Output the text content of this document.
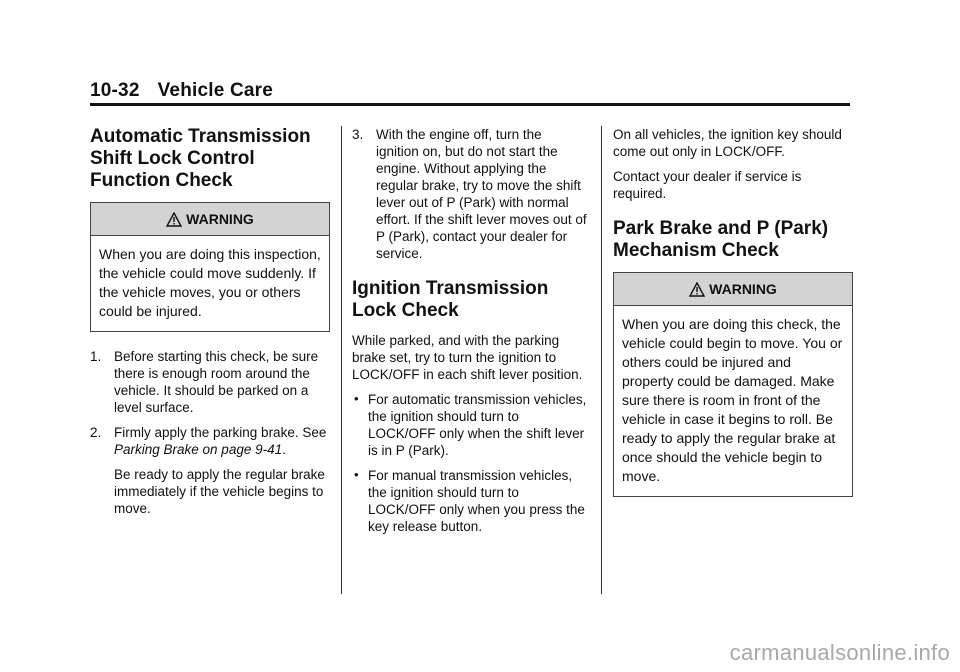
10-32 Vehicle Care
Automatic Transmission Shift Lock Control Function Check
WARNING
When you are doing this inspection, the vehicle could move suddenly. If the vehicle moves, you or others could be injured.
1. Before starting this check, be sure there is enough room around the vehicle. It should be parked on a level surface.
2. Firmly apply the parking brake. See Parking Brake on page 9-41.
Be ready to apply the regular brake immediately if the vehicle begins to move.
3. With the engine off, turn the ignition on, but do not start the engine. Without applying the regular brake, try to move the shift lever out of P (Park) with normal effort. If the shift lever moves out of P (Park), contact your dealer for service.
Ignition Transmission Lock Check

While parked, and with the parking brake set, try to turn the ignition to LOCK/OFF in each shift lever position.

• For automatic transmission vehicles, the ignition should turn to LOCK/OFF only when the shift lever is in P (Park).
• For manual transmission vehicles, the ignition should turn to LOCK/OFF only when you press the key release button.

On all vehicles, the ignition key should come out only in LOCK/OFF.

Contact your dealer if service is required.

Park Brake and P (Park) Mechanism Check
WARNING
When you are doing this check, the vehicle could begin to move. You or others could be injured and property could be damaged. Make sure there is room in front of the vehicle in case it begins to roll. Be ready to apply the regular brake at once should the vehicle begin to move.
carmanualsonline.info
